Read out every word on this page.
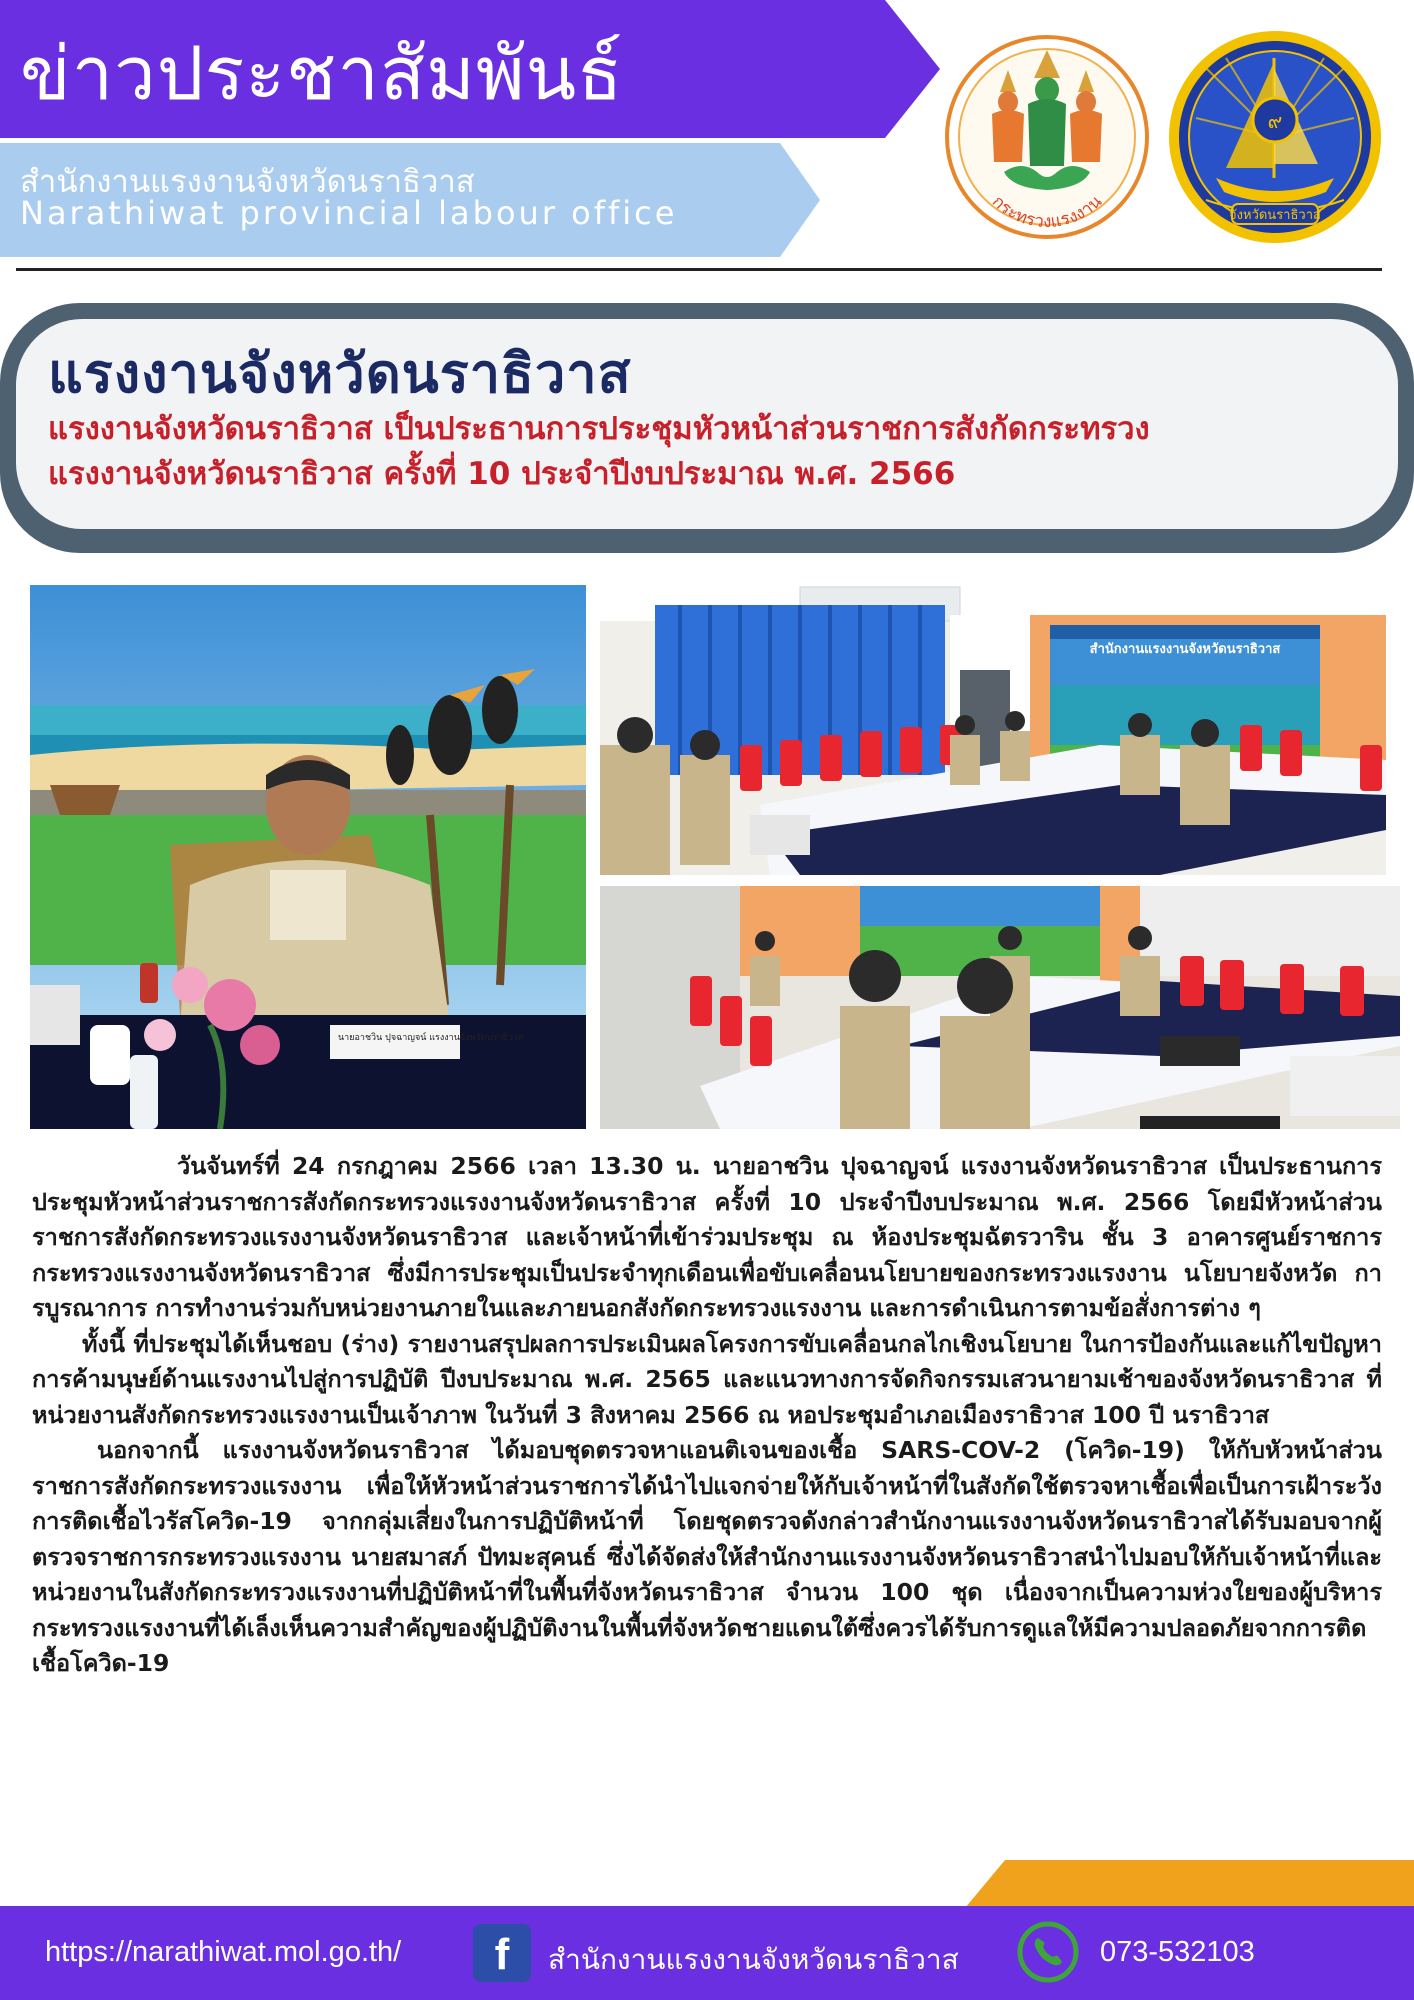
ข่าวประชาสัมพันธ์
สำนักงานแรงงานจังหวัดนราธิวาส
Narathiwat provincial labour office	กระทรวงแรงงาน
๙
จังหวัดนราธิวาส
แรงงานจังหวัดนราธิวาส
แรงงานจังหวัดนราธิวาส เป็นประธานการประชุมหัวหน้าส่วนราชการสังกัดกระทรวง
แรงงานจังหวัดนราธิวาส ครั้งที่ 10 ประจำปีงบประมาณ พ.ศ. 2566
นายอาชวิน ปุจฉาญจน์ แรงงานจังหวัดนราธิวาส
สำนักงานแรงงานจังหวัดนราธิวาส

วันจันทร์ที่ 24 กรกฎาคม 2566 เวลา 13.30 น. นายอาชวิน ปุจฉาญจน์ แรงงานจังหวัดนราธิวาส เป็นประธานการประชุมหัวหน้าส่วนราชการสังกัดกระทรวงแรงงานจังหวัดนราธิวาส ครั้งที่ 10 ประจำปีงบประมาณ พ.ศ. 2566 โดยมีหัวหน้าส่วนราชการสังกัดกระทรวงแรงงานจังหวัดนราธิวาส และเจ้าหน้าที่เข้าร่วมประชุม ณ ห้องประชุมฉัตรวาริน ชั้น 3 อาคารศูนย์ราชการกระทรวงแรงงานจังหวัดนราธิวาส ซึ่งมีการประชุมเป็นประจำทุกเดือนเพื่อขับเคลื่อนนโยบายของกระทรวงแรงงาน นโยบายจังหวัด การบูรณาการ การทำงานร่วมกับหน่วยงานภายในและภายนอกสังกัดกระทรวงแรงงาน และการดำเนินการตามข้อสั่งการต่าง ๆ

ทั้งนี้ ที่ประชุมได้เห็นชอบ (ร่าง) รายงานสรุปผลการประเมินผลโครงการขับเคลื่อนกลไกเชิงนโยบาย ในการป้องกันและแก้ไขปัญหาการค้ามนุษย์ด้านแรงงานไปสู่การปฏิบัติ ปีงบประมาณ พ.ศ. 2565 และแนวทางการจัดกิจกรรมเสวนายามเช้าของจังหวัดนราธิวาส ที่หน่วยงานสังกัดกระทรวงแรงงานเป็นเจ้าภาพ ในวันที่ 3 สิงหาคม 2566 ณ หอประชุมอำเภอเมืองราธิวาส 100 ปี นราธิวาส

นอกจากนี้ แรงงานจังหวัดนราธิวาส ได้มอบชุดตรวจหาแอนติเจนของเชื้อ SARS-COV-2 (โควิด-19) ให้กับหัวหน้าส่วนราชการสังกัดกระทรวงแรงงาน เพื่อให้หัวหน้าส่วนราชการได้นำไปแจกจ่ายให้กับเจ้าหน้าที่ในสังกัดใช้ตรวจหาเชื้อเพื่อเป็นการเฝ้าระวังการติดเชื้อไวรัสโควิด-19 จากกลุ่มเสี่ยงในการปฏิบัติหน้าที่ โดยชุดตรวจดังกล่าวสำนักงานแรงงานจังหวัดนราธิวาสได้รับมอบจากผู้ตรวจราชการกระทรวงแรงงาน นายสมาสภ์ ปัทมะสุคนธ์ ซึ่งได้จัดส่งให้สำนักงานแรงงานจังหวัดนราธิวาสนำไปมอบให้กับเจ้าหน้าที่และหน่วยงานในสังกัดกระทรวงแรงงานที่ปฏิบัติหน้าที่ในพื้นที่จังหวัดนราธิวาส จำนวน 100 ชุด เนื่องจากเป็นความห่วงใยของผู้บริหารกระทรวงแรงงานที่ได้เล็งเห็นความสำคัญของผู้ปฏิบัติงานในพื้นที่จังหวัดชายแดนใต้ซึ่งควรได้รับการดูแลให้มีความปลอดภัยจากการติดเชื้อโควิด-19

https://narathiwat.mol.go.th/	f	สำนักงานแรงงานจังหวัดนราธิวาส	073-532103
